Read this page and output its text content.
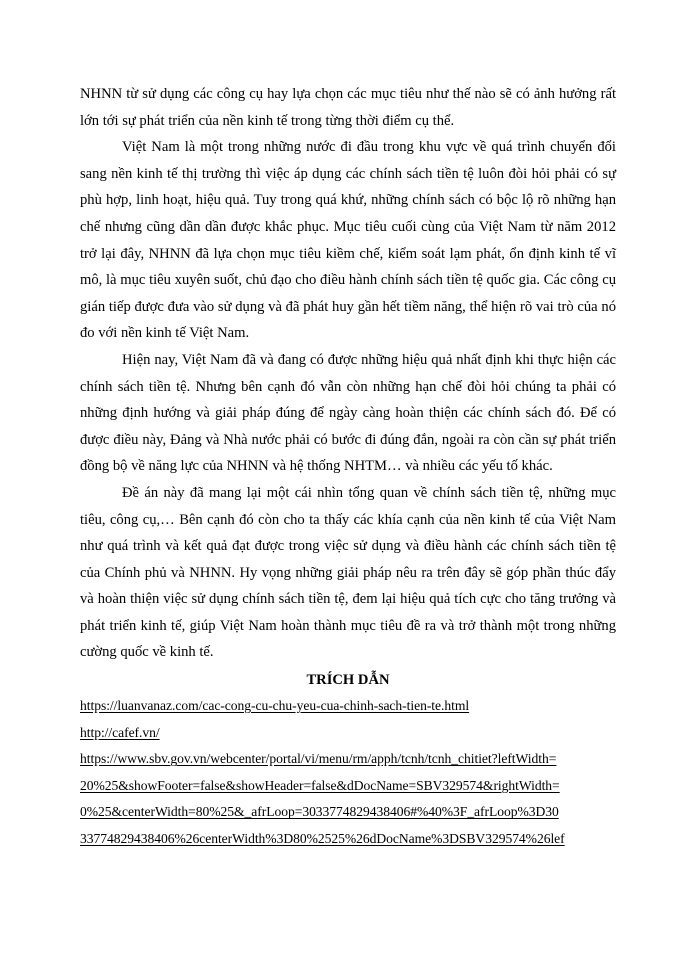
NHNN từ sử dụng các công cụ hay lựa chọn các mục tiêu như thế nào sẽ có ảnh hưởng rất lớn tới sự phát triển của nền kinh tế trong từng thời điểm cụ thể.

Việt Nam là một trong những nước đi đầu trong khu vực về quá trình chuyển đổi sang nền kinh tế thị trường thì việc áp dụng các chính sách tiền tệ luôn đòi hỏi phải có sự phù hợp, linh hoạt, hiệu quả. Tuy trong quá khứ, những chính sách có bộc lộ rõ những hạn chế nhưng cũng dần dần được khắc phục. Mục tiêu cuối cùng của Việt Nam từ năm 2012 trở lại đây, NHNN đã lựa chọn mục tiêu kiềm chế, kiểm soát lạm phát, ổn định kinh tế vĩ mô, là mục tiêu xuyên suốt, chủ đạo cho điều hành chính sách tiền tệ quốc gia. Các công cụ gián tiếp được đưa vào sử dụng và đã phát huy gần hết tiềm năng, thể hiện rõ vai trò của nó đo với nền kinh tế Việt Nam.

Hiện nay, Việt Nam đã và đang có được những hiệu quả nhất định khi thực hiện các chính sách tiền tệ. Nhưng bên cạnh đó vẫn còn những hạn chế đòi hỏi chúng ta phải có những định hướng và giải pháp đúng để ngày càng hoàn thiện các chính sách đó. Để có được điều này, Đảng và Nhà nước phải có bước đi đúng đắn, ngoài ra còn cần sự phát triển đồng bộ về năng lực của NHNN và hệ thống NHTM… và nhiều các yếu tố khác.

Đề án này đã mang lại một cái nhìn tổng quan về chính sách tiền tệ, những mục tiêu, công cụ,… Bên cạnh đó còn cho ta thấy các khía cạnh của nền kinh tế của Việt Nam như quá trình và kết quả đạt được trong việc sử dụng và điều hành các chính sách tiền tệ của Chính phủ và NHNN. Hy vọng những giải pháp nêu ra trên đây sẽ góp phần thúc đẩy và hoàn thiện việc sử dụng chính sách tiền tệ, đem lại hiệu quả tích cực cho tăng trưởng và phát triển kinh tế, giúp Việt Nam hoàn thành mục tiêu đề ra và trở thành một trong những cường quốc về kinh tế.

TRÍCH DẪN
https://luanvanaz.com/cac-cong-cu-chu-yeu-cua-chinh-sach-tien-te.html
http://cafef.vn/
https://www.sbv.gov.vn/webcenter/portal/vi/menu/rm/apph/tcnh/tcnh_chitiet?leftWidth=
20%25&showFooter=false&showHeader=false&dDocName=SBV329574&rightWidth=
0%25&centerWidth=80%25&_afrLoop=3033774829438406#%40%3F_afrLoop%3D30
33774829438406%26centerWidth%3D80%2525%26dDocName%3DSBV329574%26lef
